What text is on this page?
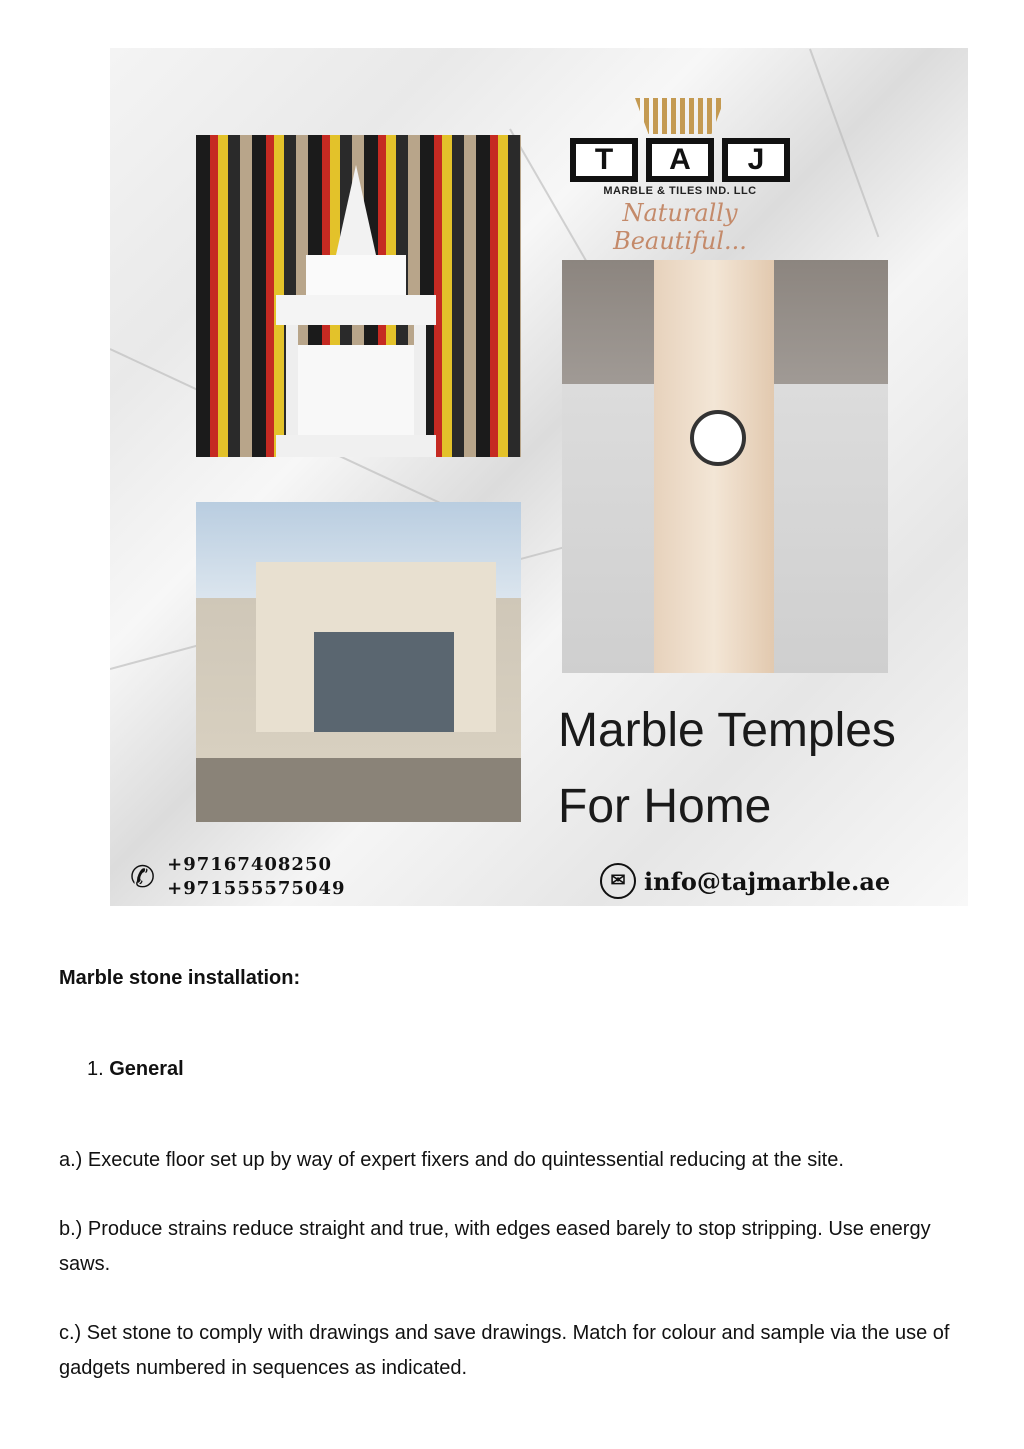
T	A	J
MARBLE & TILES IND. LLC
Naturally Beautiful...
Marble Temples
For Home
✆ +97167408250
+971555575049	✉ info@tajmarble.ae
Marble stone installation:
1. General
a.) Execute floor set up by way of expert fixers and do quintessential reducing at the site.
b.) Produce strains reduce straight and true, with edges eased barely to stop stripping. Use energy saws.
c.) Set stone to comply with drawings and save drawings. Match for colour and sample via the use of gadgets numbered in sequences as indicated.
